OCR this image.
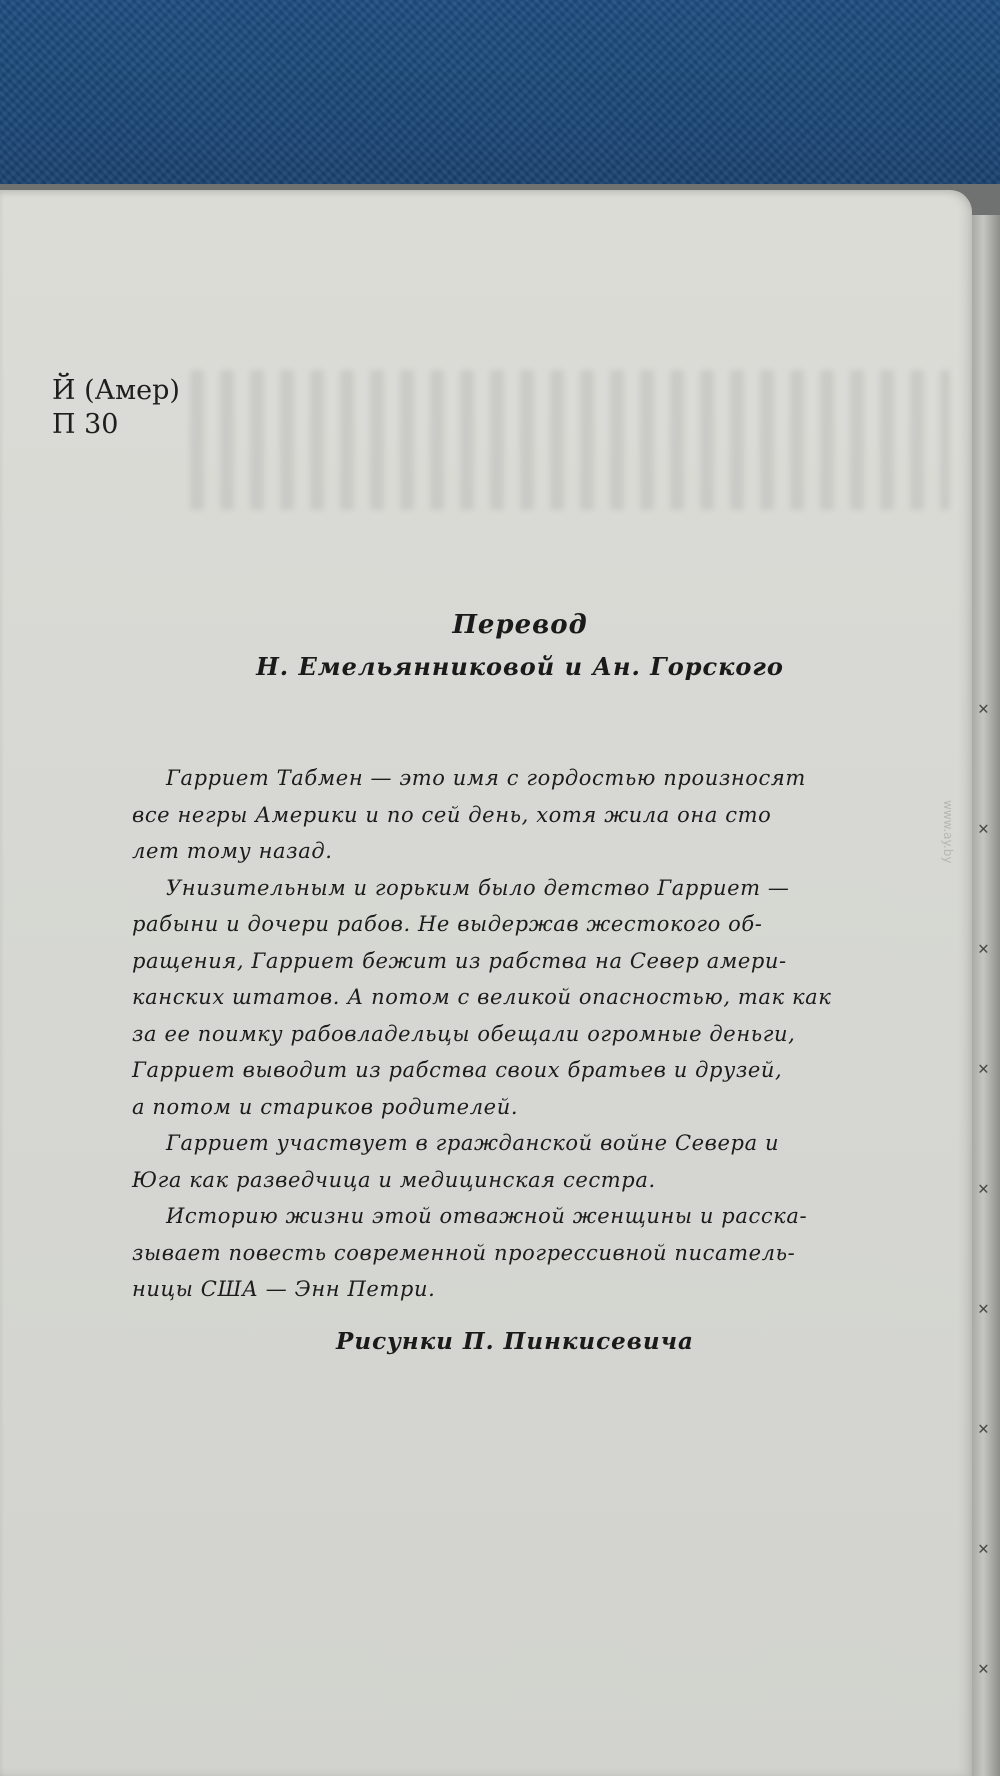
✕
✕
✕
✕
✕
✕
✕
✕
✕
Й (Амер)
П 30
Перевод
Н. Емельянниковой и Ан. Горского
Гарриет Табмен — это имя с гордостью произносят
все негры Америки и по сей день, хотя жила она сто
лет тому назад.
Унизительным и горьким было детство Гарриет —
рабыни и дочери рабов. Не выдержав жестокого об-
ращения, Гарриет бежит из рабства на Север амери-
канских штатов. А потом с великой опасностью, так как
за ее поимку рабовладельцы обещали огромные деньги,
Гарриет выводит из рабства своих братьев и друзей,
а потом и стариков родителей.
Гарриет участвует в гражданской войне Севера и
Юга как разведчица и медицинская сестра.
Историю жизни этой отважной женщины и расска-
зывает повесть современной прогрессивной писатель-
ницы США — Энн Петри.
Рисунки П. Пинкисевича
www.ay.by
